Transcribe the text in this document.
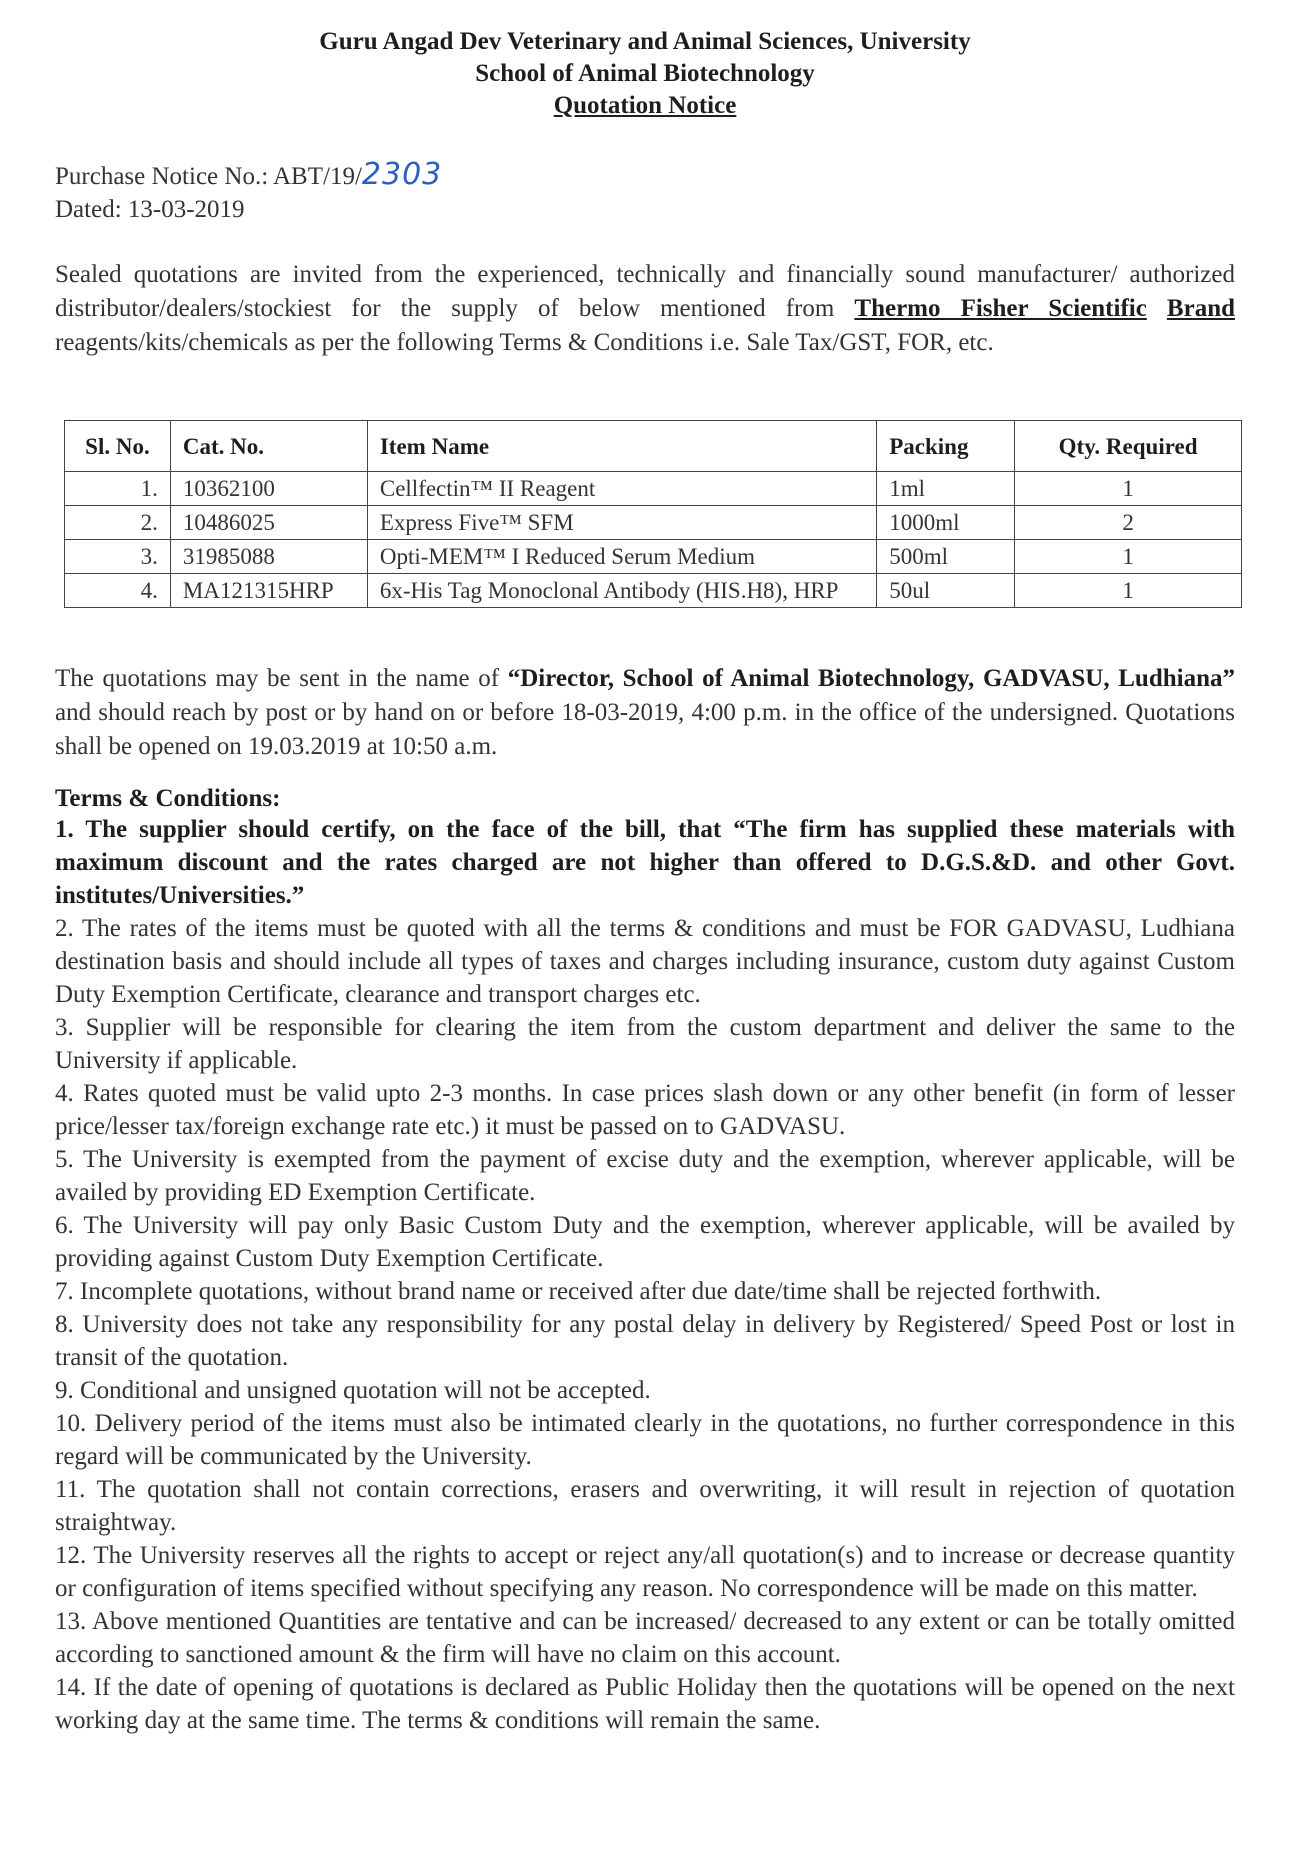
Guru Angad Dev Veterinary and Animal Sciences, University
School of Animal Biotechnology
Quotation Notice
Purchase Notice No.: ABT/19/2303
Dated: 13-03-2019
Sealed quotations are invited from the experienced, technically and financially sound manufacturer/ authorized distributor/dealers/stockiest for the supply of below mentioned from Thermo Fisher Scientific Brand reagents/kits/chemicals as per the following Terms & Conditions i.e. Sale Tax/GST, FOR, etc.
Sl. No.	Cat. No.	Item Name	Packing	Qty. Required
1.	10362100	Cellfectin™ II Reagent	1ml	1
2.	10486025	Express Five™ SFM	1000ml	2
3.	31985088	Opti-MEM™ I Reduced Serum Medium	500ml	1
4.	MA121315HRP	6x-His Tag Monoclonal Antibody (HIS.H8), HRP	50ul	1
The quotations may be sent in the name of “Director, School of Animal Biotechnology, GADVASU, Ludhiana” and should reach by post or by hand on or before 18-03-2019, 4:00 p.m. in the office of the undersigned. Quotations shall be opened on 19.03.2019 at 10:50 a.m.
Terms & Conditions:

1. The supplier should certify, on the face of the bill, that “The firm has supplied these materials with maximum discount and the rates charged are not higher than offered to D.G.S.&D. and other Govt. institutes/Universities.”

2. The rates of the items must be quoted with all the terms & conditions and must be FOR GADVASU, Ludhiana destination basis and should include all types of taxes and charges including insurance, custom duty against Custom Duty Exemption Certificate, clearance and transport charges etc.

3. Supplier will be responsible for clearing the item from the custom department and deliver the same to the University if applicable.

4. Rates quoted must be valid upto 2-3 months. In case prices slash down or any other benefit (in form of lesser price/lesser tax/foreign exchange rate etc.) it must be passed on to GADVASU.

5. The University is exempted from the payment of excise duty and the exemption, wherever applicable, will be availed by providing ED Exemption Certificate.

6. The University will pay only Basic Custom Duty and the exemption, wherever applicable, will be availed by providing against Custom Duty Exemption Certificate.

7. Incomplete quotations, without brand name or received after due date/time shall be rejected forthwith.

8. University does not take any responsibility for any postal delay in delivery by Registered/ Speed Post or lost in transit of the quotation.

9. Conditional and unsigned quotation will not be accepted.

10. Delivery period of the items must also be intimated clearly in the quotations, no further correspondence in this regard will be communicated by the University.

11. The quotation shall not contain corrections, erasers and overwriting, it will result in rejection of quotation straightway.

12. The University reserves all the rights to accept or reject any/all quotation(s) and to increase or decrease quantity or configuration of items specified without specifying any reason. No correspondence will be made on this matter.

13. Above mentioned Quantities are tentative and can be increased/ decreased to any extent or can be totally omitted according to sanctioned amount & the firm will have no claim on this account.

14. If the date of opening of quotations is declared as Public Holiday then the quotations will be opened on the next working day at the same time. The terms & conditions will remain the same.
